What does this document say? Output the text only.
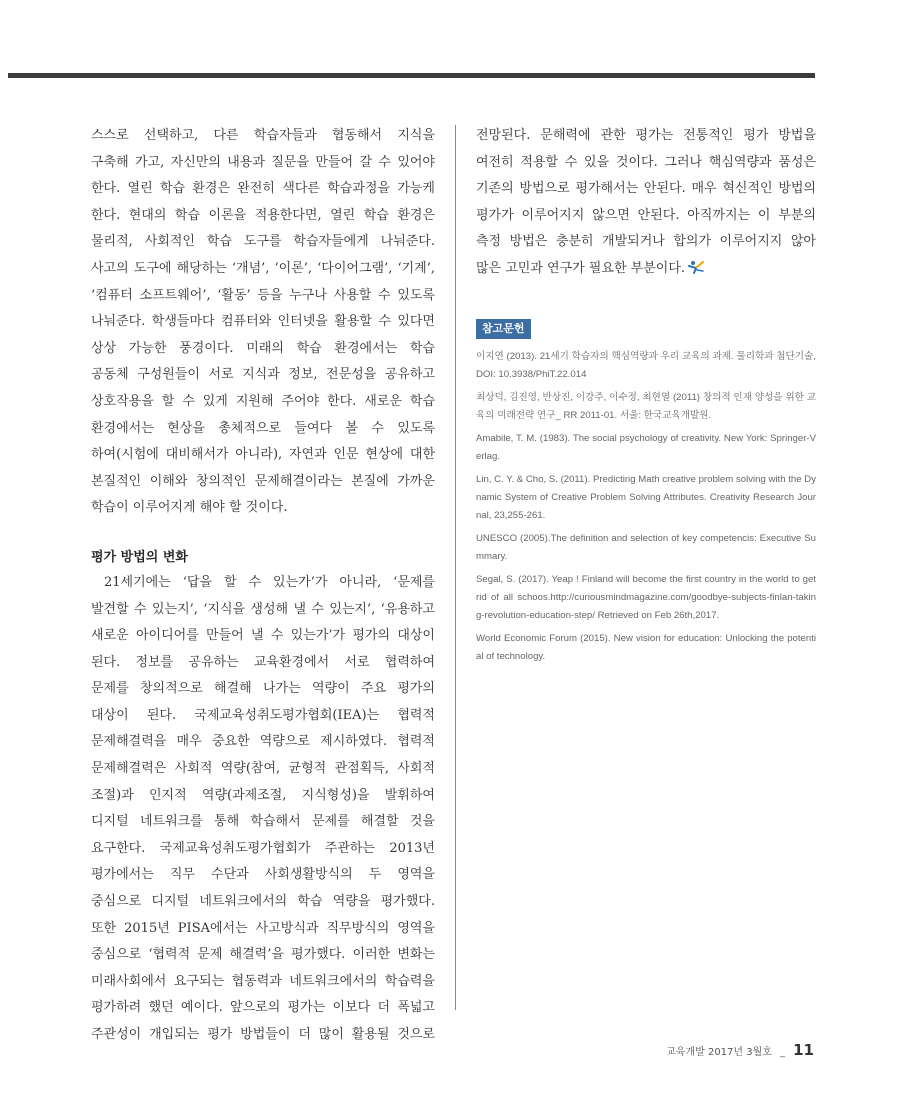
스스로 선택하고, 다른 학습자들과 협동해서 지식을
구축해 가고, 자신만의 내용과 질문을 만들어 갈 수 있어야
한다. 열린 학습 환경은 완전히 색다른 학습과정을 가능케
한다. 현대의 학습 이론을 적용한다면, 열린 학습 환경은
물리적, 사회적인 학습 도구를 학습자들에게 나눠준다.
사고의 도구에 해당하는 ‘개념’, ‘이론’, ‘다이어그램’, ‘기계’,
‘컴퓨터 소프트웨어’, ‘활동’ 등을 누구나 사용할 수 있도록
나눠준다. 학생들마다 컴퓨터와 인터넷을 활용할 수 있다면
상상 가능한 풍경이다. 미래의 학습 환경에서는 학습
공동체 구성원들이 서로 지식과 정보, 전문성을 공유하고
상호작용을 할 수 있게 지원해 주어야 한다. 새로운 학습
환경에서는 현상을 총체적으로 들여다 볼 수 있도록
하여(시험에 대비해서가 아니라), 자연과 인문 현상에 대한
본질적인 이해와 창의적인 문제해결이라는 본질에 가까운
학습이 이루어지게 해야 할 것이다.
평가 방법의 변화
21세기에는 ‘답을 할 수 있는가’가 아니라, ‘문제를
발견할 수 있는지’, ‘지식을 생성해 낼 수 있는지’, ‘유용하고
새로운 아이디어를 만들어 낼 수 있는가’가 평가의 대상이
된다. 정보를 공유하는 교육환경에서 서로 협력하여
문제를 창의적으로 해결해 나가는 역량이 주요 평가의
대상이 된다. 국제교육성취도평가협회(IEA)는 협력적
문제해결력을 매우 중요한 역량으로 제시하였다. 협력적
문제해결력은 사회적 역량(참여, 균형적 관점획득, 사회적
조절)과 인지적 역량(과제조절, 지식형성)을 발휘하여
디지털 네트워크를 통해 학습해서 문제를 해결할 것을
요구한다. 국제교육성취도평가협회가 주관하는 2013년
평가에서는 직무 수단과 사회생활방식의 두 영역을
중심으로 디지털 네트워크에서의 학습 역량을 평가했다.
또한 2015년 PISA에서는 사고방식과 직무방식의 영역을
중심으로 ‘협력적 문제 해결력’을 평가했다. 이러한 변화는
미래사회에서 요구되는 협동력과 네트워크에서의 학습력을
평가하려 했던 예이다. 앞으로의 평가는 이보다 더 폭넓고
주관성이 개입되는 평가 방법들이 더 많이 활용될 것으로
전망된다. 문해력에 관한 평가는 전통적인 평가 방법을
여전히 적용할 수 있을 것이다. 그러나 핵심역량과 품성은
기존의 방법으로 평가해서는 안된다. 매우 혁신적인 방법의
평가가 이루어지지 않으면 안된다. 아직까지는 이 부분의
측정 방법은 충분히 개발되거나 합의가 이루어지지 않아
많은 고민과 연구가 필요한 부분이다.
참고문헌
이지연 (2013). 21세기 학습자의 핵심역량과 우리 교육의 과제. 물리학과 첨단기술, DOI: 10.3938/PhiT.22.014
최상덕, 김진영, 반상진, 이강주, 이수정, 최현열 (2011) 창의적 인재 양성을 위한 교육의 미래전략 연구_ RR 2011-01. 서울: 한국교육개발원.
Amabile, T. M. (1983). The social psychology of creativity. New York: Springer-Verlag.
Lin, C. Y. & Cho, S. (2011). Predicting Math creative problem solving with the Dynamic System of Creative Problem Solving Attributes. Creativity Research Journal, 23,255-261.
UNESCO (2005).The definition and selection of key competencis: Executive Summary.
Segal, S. (2017). Yeap ! Finland will become the first country in the world to get rid of all schoos.http://curiousmindmagazine.com/goodbye-subjects-finlan-taking-revolution-education-step/ Retrieved on Feb 26th,2017.
World Economic Forum (2015). New vision for education: Unlocking the potential of technology.
교육개발 2017년 3월호 _ 11
